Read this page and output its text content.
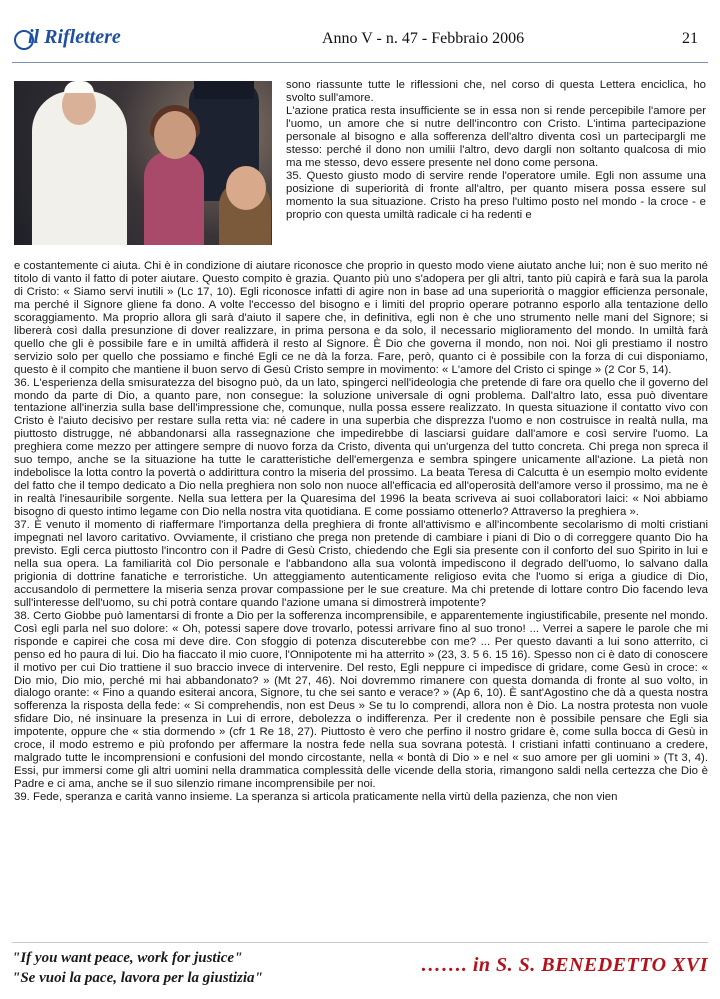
il Riflettere	Anno V - n. 47 - Febbraio 2006	21

sono riassunte tutte le riflessioni che, nel corso di questa Lettera enciclica, ho svolto sull'amore.

L'azione pratica resta insufficiente se in essa non si rende percepibile l'amore per l'uomo, un amore che si nutre dell'incontro con Cristo. L'intima partecipazione personale al bisogno e alla sofferenza dell'altro diventa così un partecipargli me stesso: perché il dono non umilii l'altro, devo dargli non soltanto qualcosa di mio ma me stesso, devo essere presente nel dono come persona.

35. Questo giusto modo di servire rende l'operatore umile. Egli non assume una posizione di superiorità di fronte all'altro, per quanto misera possa essere sul momento la sua situazione. Cristo ha preso l'ultimo posto nel mondo - la croce - e proprio con questa umiltà radicale ci ha redenti e

e costantemente ci aiuta. Chi è in condizione di aiutare riconosce che proprio in questo modo viene aiutato anche lui; non è suo merito né titolo di vanto il fatto di poter aiutare. Questo compito è grazia. Quanto più uno s'adopera per gli altri, tanto più capirà e farà sua la parola di Cristo: « Siamo servi inutili » (Lc 17, 10). Egli riconosce infatti di agire non in base ad una superiorità o maggior efficienza personale, ma perché il Signore gliene fa dono. A volte l'eccesso del bisogno e i limiti del proprio operare potranno esporlo alla tentazione dello scoraggiamento. Ma proprio allora gli sarà d'aiuto il sapere che, in definitiva, egli non è che uno strumento nelle mani del Signore; si libererà così dalla presunzione di dover realizzare, in prima persona e da solo, il necessario miglioramento del mondo. In umiltà farà quello che gli è possibile fare e in umiltà affiderà il resto al Signore. È Dio che governa il mondo, non noi. Noi gli prestiamo il nostro servizio solo per quello che possiamo e finché Egli ce ne dà la forza. Fare, però, quanto ci è possibile con la forza di cui disponiamo, questo è il compito che mantiene il buon servo di Gesù Cristo sempre in movimento: « L'amore del Cristo ci spinge » (2 Cor 5, 14).

36. L'esperienza della smisuratezza del bisogno può, da un lato, spingerci nell'ideologia che pretende di fare ora quello che il governo del mondo da parte di Dio, a quanto pare, non consegue: la soluzione universale di ogni problema. Dall'altro lato, essa può diventare tentazione all'inerzia sulla base dell'impressione che, comunque, nulla possa essere realizzato. In questa situazione il contatto vivo con Cristo è l'aiuto decisivo per restare sulla retta via: né cadere in una superbia che disprezza l'uomo e non costruisce in realtà nulla, ma piuttosto distrugge, né abbandonarsi alla rassegnazione che impedirebbe di lasciarsi guidare dall'amore e così servire l'uomo. La preghiera come mezzo per attingere sempre di nuovo forza da Cristo, diventa qui un'urgenza del tutto concreta. Chi prega non spreca il suo tempo, anche se la situazione ha tutte le caratteristiche dell'emergenza e sembra spingere unicamente all'azione. La pietà non indebolisce la lotta contro la povertà o addirittura contro la miseria del prossimo. La beata Teresa di Calcutta è un esempio molto evidente del fatto che il tempo dedicato a Dio nella preghiera non solo non nuoce all'efficacia ed all'operosità dell'amore verso il prossimo, ma ne è in realtà l'inesauribile sorgente. Nella sua lettera per la Quaresima del 1996 la beata scriveva ai suoi collaboratori laici: « Noi abbiamo bisogno di questo intimo legame con Dio nella nostra vita quotidiana. E come possiamo ottenerlo? Attraverso la preghiera ».

37. È venuto il momento di riaffermare l'importanza della preghiera di fronte all'attivismo e all'incombente secolarismo di molti cristiani impegnati nel lavoro caritativo. Ovviamente, il cristiano che prega non pretende di cambiare i piani di Dio o di correggere quanto Dio ha previsto. Egli cerca piuttosto l'incontro con il Padre di Gesù Cristo, chiedendo che Egli sia presente con il conforto del suo Spirito in lui e nella sua opera. La familiarità col Dio personale e l'abbandono alla sua volontà impediscono il degrado dell'uomo, lo salvano dalla prigionia di dottrine fanatiche e terroristiche. Un atteggiamento autenticamente religioso evita che l'uomo si eriga a giudice di Dio, accusandolo di permettere la miseria senza provar compassione per le sue creature. Ma chi pretende di lottare contro Dio facendo leva sull'interesse dell'uomo, su chi potrà contare quando l'azione umana si dimostrerà impotente?

38. Certo Giobbe può lamentarsi di fronte a Dio per la sofferenza incomprensibile, e apparentemente ingiustificabile, presente nel mondo. Così egli parla nel suo dolore: « Oh, potessi sapere dove trovarlo, potessi arrivare fino al suo trono! ... Verrei a sapere le parole che mi risponde e capirei che cosa mi deve dire. Con sfoggio di potenza discuterebbe con me? ... Per questo davanti a lui sono atterrito, ci penso ed ho paura di lui. Dio ha fiaccato il mio cuore, l'Onnipotente mi ha atterrito » (23, 3. 5 6. 15 16). Spesso non ci è dato di conoscere il motivo per cui Dio trattiene il suo braccio invece di intervenire. Del resto, Egli neppure ci impedisce di gridare, come Gesù in croce: « Dio mio, Dio mio, perché mi hai abbandonato? » (Mt 27, 46). Noi dovremmo rimanere con questa domanda di fronte al suo volto, in dialogo orante: « Fino a quando esiterai ancora, Signore, tu che sei santo e verace? » (Ap 6, 10). È sant'Agostino che dà a questa nostra sofferenza la risposta della fede: « Si comprehendis, non est Deus » Se tu lo comprendi, allora non è Dio. La nostra protesta non vuole sfidare Dio, né insinuare la presenza in Lui di errore, debolezza o indifferenza. Per il credente non è possibile pensare che Egli sia impotente, oppure che « stia dormendo » (cfr 1 Re 18, 27). Piuttosto è vero che perfino il nostro gridare è, come sulla bocca di Gesù in croce, il modo estremo e più profondo per affermare la nostra fede nella sua sovrana potestà. I cristiani infatti continuano a credere, malgrado tutte le incomprensioni e confusioni del mondo circostante, nella « bontà di Dio » e nel « suo amore per gli uomini » (Tt 3, 4). Essi, pur immersi come gli altri uomini nella drammatica complessità delle vicende della storia, rimangono saldi nella certezza che Dio è Padre e ci ama, anche se il suo silenzio rimane incomprensibile per noi.

39. Fede, speranza e carità vanno insieme. La speranza si articola praticamente nella virtù della pazienza, che non vien

"If you want peace, work for justice"
"Se vuoi la pace, lavora per la giustizia"
……. in S. S. BENEDETTO XVI
